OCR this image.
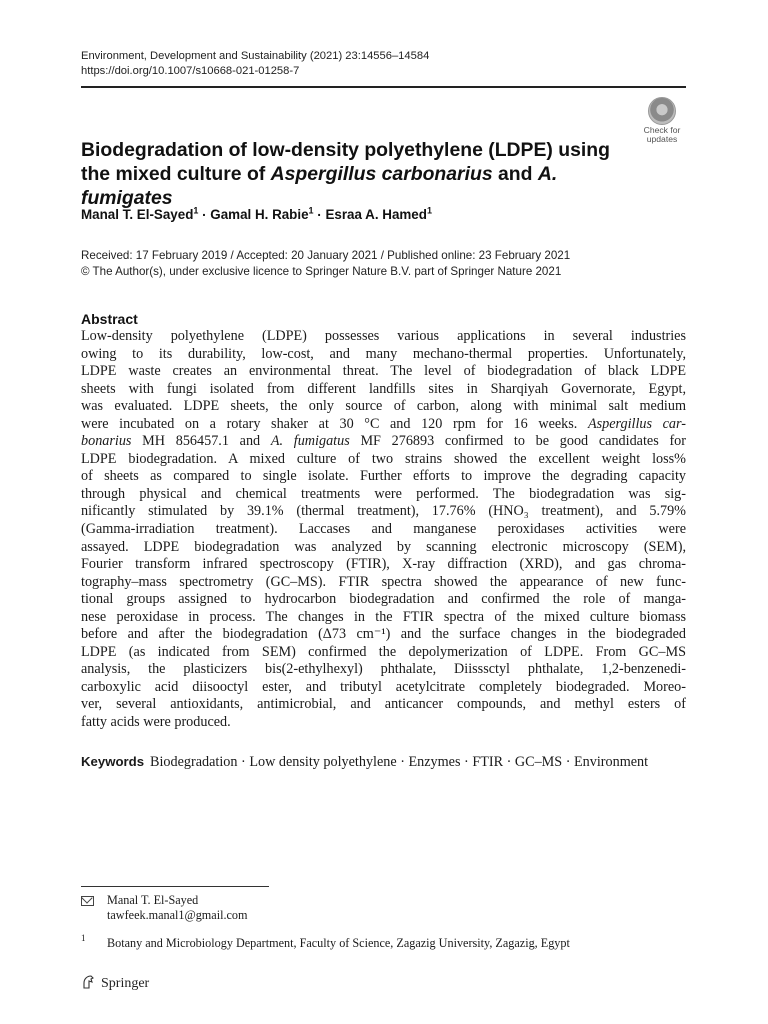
Environment, Development and Sustainability (2021) 23:14556–14584
https://doi.org/10.1007/s10668-021-01258-7
Check for
updates
Biodegradation of low-density polyethylene (LDPE) using the mixed culture of Aspergillus carbonarius and A. fumigates
Manal T. El-Sayed$^1$ · Gamal H. Rabie$^1$ · Esraa A. Hamed$^1$
Received: 17 February 2019 / Accepted: 20 January 2021 / Published online: 23 February 2021
© The Author(s), under exclusive licence to Springer Nature B.V. part of Springer Nature 2021
Abstract
Low-density polyethylene (LDPE) possesses various applications in several industries
owing to its durability, low-cost, and many mechano-thermal properties. Unfortunately,
LDPE waste creates an environmental threat. The level of biodegradation of black LDPE
sheets with fungi isolated from different landfills sites in Sharqiyah Governorate, Egypt,
was evaluated. LDPE sheets, the only source of carbon, along with minimal salt medium
were incubated on a rotary shaker at 30 °C and 120 rpm for 16 weeks. Aspergillus car-
bonarius MH 856457.1 and A. fumigatus MF 276893 confirmed to be good candidates for
LDPE biodegradation. A mixed culture of two strains showed the excellent weight loss%
of sheets as compared to single isolate. Further efforts to improve the degrading capacity
through physical and chemical treatments were performed. The biodegradation was sig-
nificantly stimulated by 39.1% (thermal treatment), 17.76% (HNO₃ treatment), and 5.79%
(Gamma-irradiation treatment). Laccases and manganese peroxidases activities were
assayed. LDPE biodegradation was analyzed by scanning electronic microscopy (SEM),
Fourier transform infrared spectroscopy (FTIR), X-ray diffraction (XRD), and gas chroma-
tography–mass spectrometry (GC–MS). FTIR spectra showed the appearance of new func-
tional groups assigned to hydrocarbon biodegradation and confirmed the role of manga-
nese peroxidase in process. The changes in the FTIR spectra of the mixed culture biomass
before and after the biodegradation (Δ73 cm⁻¹) and the surface changes in the biodegraded
LDPE (as indicated from SEM) confirmed the depolymerization of LDPE. From GC–MS
analysis, the plasticizers bis(2-ethylhexyl) phthalate, Diisssctyl phthalate, 1,2-benzenedi-
carboxylic acid diisooctyl ester, and tributyl acetylcitrate completely biodegraded. Moreo-
ver, several antioxidants, antimicrobial, and anticancer compounds, and methyl esters of
fatty acids were produced.
Keywords Biodegradation · Low density polyethylene · Enzymes · FTIR · GC–MS · Environment
Manal T. El-Sayed
tawfeek.manal1@gmail.com
1 Botany and Microbiology Department, Faculty of Science, Zagazig University, Zagazig, Egypt
Springer
